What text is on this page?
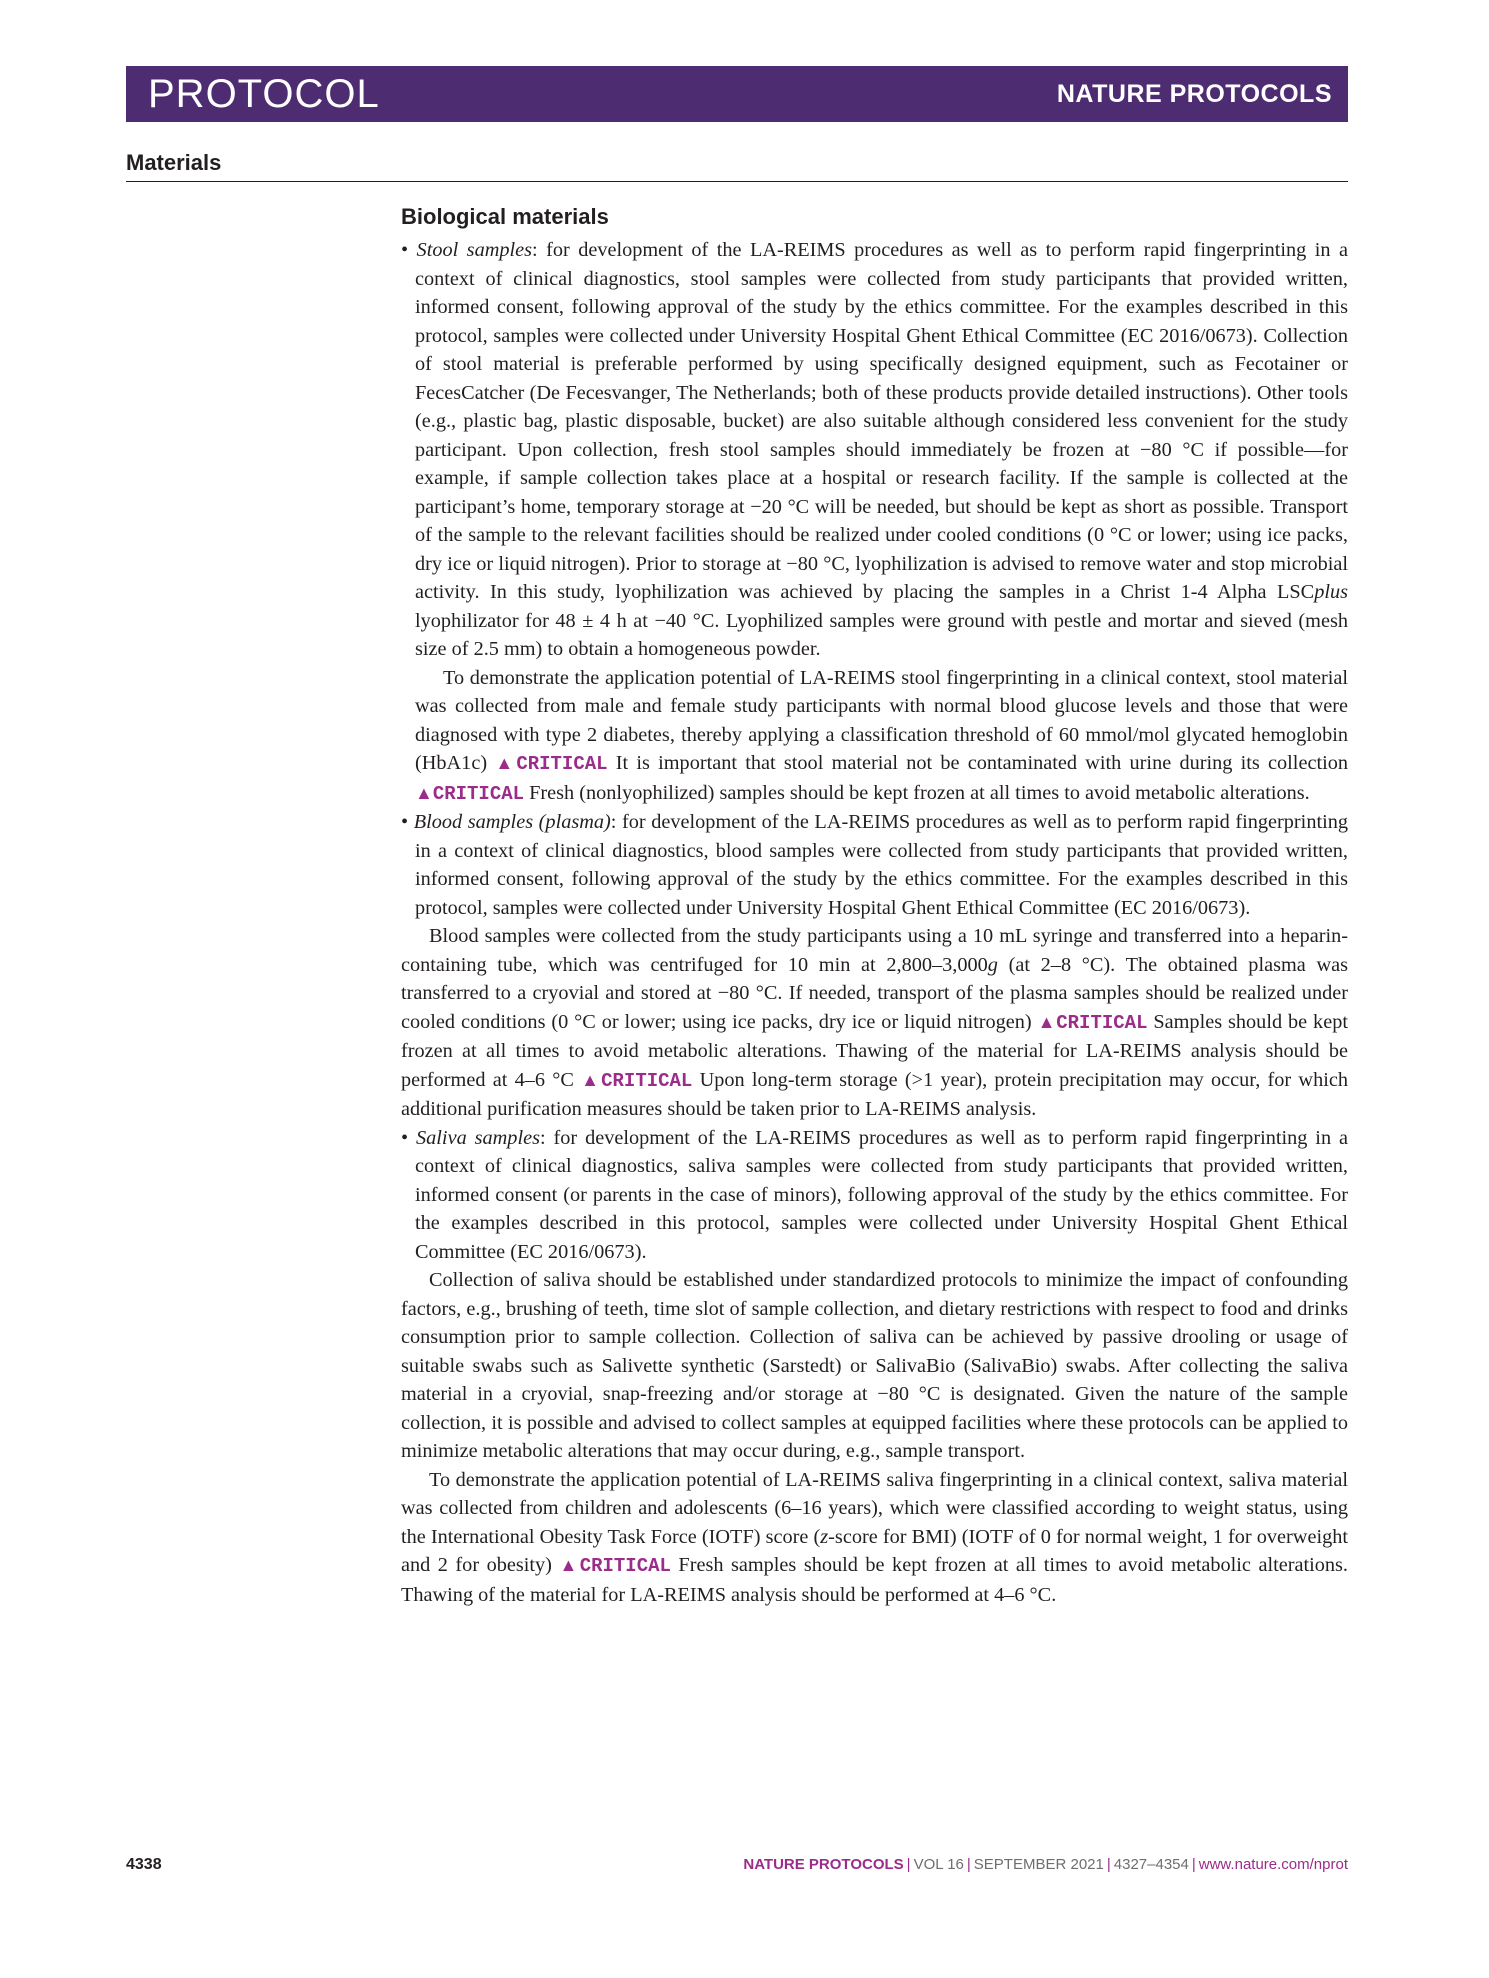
PROTOCOL	NATURE PROTOCOLS
Materials
Biological materials

• Stool samples: for development of the LA-REIMS procedures as well as to perform rapid fingerprinting in a context of clinical diagnostics, stool samples were collected from study participants that provided written, informed consent, following approval of the study by the ethics committee. For the examples described in this protocol, samples were collected under University Hospital Ghent Ethical Committee (EC 2016/0673). Collection of stool material is preferable performed by using specifically designed equipment, such as Fecotainer or FecesCatcher (De Fecesvanger, The Netherlands; both of these products provide detailed instructions). Other tools (e.g., plastic bag, plastic disposable, bucket) are also suitable although considered less convenient for the study participant. Upon collection, fresh stool samples should immediately be frozen at −80 °C if possible—for example, if sample collection takes place at a hospital or research facility. If the sample is collected at the participant’s home, temporary storage at −20 °C will be needed, but should be kept as short as possible. Transport of the sample to the relevant facilities should be realized under cooled conditions (0 °C or lower; using ice packs, dry ice or liquid nitrogen). Prior to storage at −80 °C, lyophilization is advised to remove water and stop microbial activity. In this study, lyophilization was achieved by placing the samples in a Christ 1-4 Alpha LSCplus lyophilizator for 48 ± 4 h at −40 °C. Lyophilized samples were ground with pestle and mortar and sieved (mesh size of 2.5 mm) to obtain a homogeneous powder.

To demonstrate the application potential of LA-REIMS stool fingerprinting in a clinical context, stool material was collected from male and female study participants with normal blood glucose levels and those that were diagnosed with type 2 diabetes, thereby applying a classification threshold of 60 mmol/mol glycated hemoglobin (HbA1c) ▲CRITICAL It is important that stool material not be contaminated with urine during its collection ▲CRITICAL Fresh (nonlyophilized) samples should be kept frozen at all times to avoid metabolic alterations.

• Blood samples (plasma): for development of the LA-REIMS procedures as well as to perform rapid fingerprinting in a context of clinical diagnostics, blood samples were collected from study participants that provided written, informed consent, following approval of the study by the ethics committee. For the examples described in this protocol, samples were collected under University Hospital Ghent Ethical Committee (EC 2016/0673).

Blood samples were collected from the study participants using a 10 mL syringe and transferred into a heparin-containing tube, which was centrifuged for 10 min at 2,800–3,000g (at 2–8 °C). The obtained plasma was transferred to a cryovial and stored at −80 °C. If needed, transport of the plasma samples should be realized under cooled conditions (0 °C or lower; using ice packs, dry ice or liquid nitrogen) ▲CRITICAL Samples should be kept frozen at all times to avoid metabolic alterations. Thawing of the material for LA-REIMS analysis should be performed at 4–6 °C ▲CRITICAL Upon long-term storage (>1 year), protein precipitation may occur, for which additional purification measures should be taken prior to LA-REIMS analysis.

• Saliva samples: for development of the LA-REIMS procedures as well as to perform rapid fingerprinting in a context of clinical diagnostics, saliva samples were collected from study participants that provided written, informed consent (or parents in the case of minors), following approval of the study by the ethics committee. For the examples described in this protocol, samples were collected under University Hospital Ghent Ethical Committee (EC 2016/0673).

Collection of saliva should be established under standardized protocols to minimize the impact of confounding factors, e.g., brushing of teeth, time slot of sample collection, and dietary restrictions with respect to food and drinks consumption prior to sample collection. Collection of saliva can be achieved by passive drooling or usage of suitable swabs such as Salivette synthetic (Sarstedt) or SalivaBio (SalivaBio) swabs. After collecting the saliva material in a cryovial, snap-freezing and/or storage at −80 °C is designated. Given the nature of the sample collection, it is possible and advised to collect samples at equipped facilities where these protocols can be applied to minimize metabolic alterations that may occur during, e.g., sample transport.

To demonstrate the application potential of LA-REIMS saliva fingerprinting in a clinical context, saliva material was collected from children and adolescents (6–16 years), which were classified according to weight status, using the International Obesity Task Force (IOTF) score (z-score for BMI) (IOTF of 0 for normal weight, 1 for overweight and 2 for obesity) ▲CRITICAL Fresh samples should be kept frozen at all times to avoid metabolic alterations. Thawing of the material for LA-REIMS analysis should be performed at 4–6 °C.

4338	NATURE PROTOCOLS | VOL 16 | SEPTEMBER 2021 | 4327–4354 | www.nature.com/nprot
